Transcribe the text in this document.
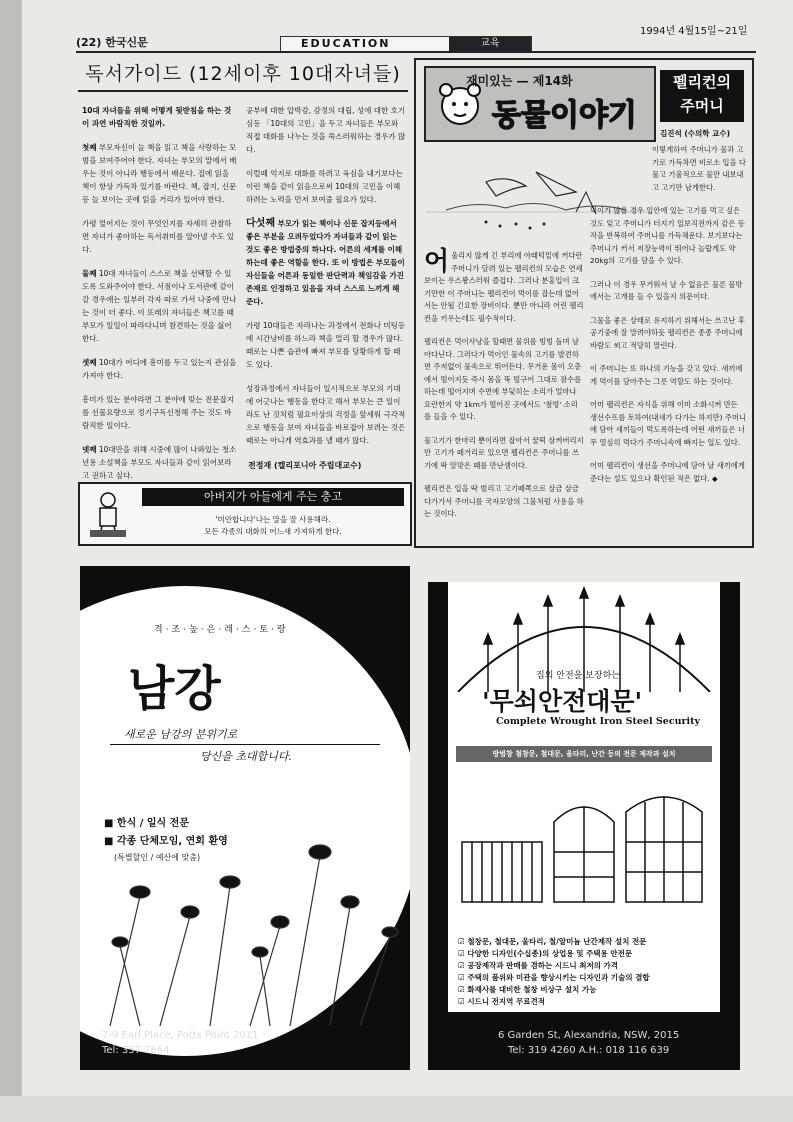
(22) 한국신문
1994년 4월15일~21일
EDUCATION	교육
독서가이드 (12세이후 10대자녀들)

10대 자녀들을 위해 어떻게 뒷받침을 하는 것이 과연 바람직한 것일까.

첫째 부모자신이 늘 책을 읽고 책을 사랑하는 모범을 보여주어야 한다. 자녀는 부모의 말에서 배우는 것이 아니라 행동에서 배운다. 집에 읽을 책이 항상 가득차 있기를 바란다. 책, 잡지, 신문등 늘 보이는 곳에 읽을 거리가 있어야 한다.

가령 엎어지는 것이 무엇인지를 자세히 관찰하면 자녀가 좋아하는 독서취미를 알아낼 수도 있다.

둘째 10대 자녀들이 스스로 책을 선택할 수 있도록 도와주어야 한다. 서점이나 도서관에 같이 갈 경우에는 일부러 각자 따로 가서 나중에 만나는 것이 더 좋다. 이 또래의 자녀들은 책고를 때 부모가 일일이 따라다니며 참견하는 것을 싫어한다.

셋째 10대가 어디에 흥미를 두고 있는지 관심을 가져야 한다.

흥미가 있는 분야라면 그 분야에 맞는 전문잡지를 선물요량으로 정기구독신청해 주는 것도 바람직한 일이다.

넷째 10대만을 위해 시중에 많이 나와있는 청소년용 소설책을 부모도 자녀들과 같이 읽어보라고 권하고 싶다.

공부에 대한 압박감, 감정의 대립, 성에 대한 호기심등 「10대의 고민」을 두고 자녀들은 부모와 직접 대화를 나누는 것을 쑥스러워하는 경우가 많다.

이럴때 억지로 대화를 하려고 육심을 내기보다는 이런 책을 같이 읽음으로써 10대의 고민을 이해하려는 노력을 먼저 보여줄 필요가 있다.

다섯째 부모가 읽는 책이나 신문 잡지등에서 좋은 부분을 오려두었다가 자녀들과 같이 읽는 것도 좋은 방법중의 하나다. 어른의 세계를 이해하는데 좋은 역할을 한다. 또 이 방법은 부모들이 자신들을 어른과 동일한 판단력과 책임감을 가진 존재로 인정하고 있음을 자녀 스스로 느끼게 해준다.

가령 10대들은 자라나는 과정에서 전화나 미팅등에 시간낭비를 하느라 책을 멀리 할 경우가 많다. 때로는 나쁜 습관에 빠져 부모를 당황하게 할 때도 있다.

성장과정에서 자녀들이 일시적으로 부모의 기대에 어긋나는 행동을 한다고 해서 부모는 큰 일이라도 난 것처럼 필요이상의 걱정을 앞세워 극각적으로 행동을 보여 자녀들을 바로잡아 보려는 것은 때로는 아니게 역효과를 낼 때가 많다.

전정재 (캘리포니아 주립대교수)
아버지가 아들에게 주는 충고
'미안합니다'나는 말을 잘 사용해라.
모든 각종의 대화의 어느새 가져하게 한다.
재미있는 — 제14화
동물이야기
펠리컨의
주머니
김진석 (수의학 교수)

어울리지 않게 긴 부리에 아래턱밑에 커다란 주머니가 달려 있는 펠리컨의 모습은 연세보이는 우스꽝스러워 즐겁다. 그러나 분홍입이 크기만한 이 주머니는 펠리컨이 먹이를 잡는데 없어서는 안될 긴요한 장비이다. 뿐만 아니라 어린 펠리컨을 키우는데도 필수적이다.

펠리컨은 먹이사냥을 할때면 물위를 빙빙 돌며 날아다닌다. 그러다가 먹이인 물속의 고기를 발견하면 주저없이 물속으로 뛰어든다. 무거운 몸이 오층에서 떨어지듯 즉시 몸을 뚝 떨구어 그대로 잠수를 하는데 떨어지며 수면에 부딪히는 소리가 얼마나 요란한지 약 1km가 떨어진 곳에서도 '첨벙' 소리를 들을 수 있다.

물고기가 한마리 뿐이라면 잡아서 꿀떡 삼켜버리지만 고기가 떼거리로 있으면 펠리컨은 주머니를 쓰기에 딱 알맞은 때를 만난셈이다.

펠리컨은 입을 딱 벌리고 고기떼쪽으로 살금 살금 다가가서 주머니를 국자모양의 그물처럼 사용을 하는 것이다.

이렇게하여 주머니가 물과 고기로 가득차면 비로소 입을 다물고 기울적으로 물만 내보내고 고기만 남게한다.

먹이가 많을 경우 입안에 있는 고기를 먹고 싶은 것도 잊고 주머니가 터지기 일보직전까지 같은 동작을 반복하여 주머니를 가득채운다. 보기보다는 주머니가 커서 저장능력이 뛰어나 놀랍게도 약 20kg의 고기를 담을 수 있다.

그러나 이 경우 무거워서 날 수 없음은 물론 물밖에서는 고개를 들 수 있을지 의문이다.

그물을 좋은 상태로 유지하기 위해서는 쓰고난 후 공기중에 잘 말려야하듯 펠리컨은 종종 주머니에 바람도 쐬고 적당히 말린다.

이 주머니는 또 하나의 기능을 갖고 있다. 새끼에게 먹이를 담아주는 그릇 역할도 하는 것이다.

어미 펠리컨은 자식을 위해 이미 소화시켜 만든 생선수프를 토하여(내새가 다가는 하지만) 주머니에 담아 새끼들이 먹도록하는데 어떤 새끼들은 너무 열심히 먹다가 주머니속에 빠지는 일도 있다.

어미 펠리컨이 생선을 주머니에 담아 날 새끼에게 준다는 설도 있으나 확인된 적은 없다. ◆

격·조·높·은·레·스·토·랑
남강
새로운 남강의 분위기로
당신을 초대합니다.
■ 한식 / 일식 전문
■ 각종 단체모임, 연회 환영
(특별할인 / 예산에 맞춤)
7-9 Earl Place, Potts Point 2011
Tel: 357 7664
집의 안전을 보장하는
'무쇠안전대문'
Complete Wrought Iron Steel Security
방범창 철창문, 철대문, 울타리, 난간 등의 전문 제작과 설치
☑ 철창문, 철대문, 울타리, 철/알미늄 난간제작 설치 전문
☑ 다양한 디자인(수십종)의 상업용 및 주택용 안전문
☑ 공장제작과 판매를 겸하는 시드니 최저의 가격
☑ 주택의 품위와 미관을 향상시키는 디자인과 기술의 결합
☑ 화재사를 대비한 철창 비상구 설치 가능
☑ 시드니 전지역 무료견적
6 Garden St, Alexandria, NSW, 2015
Tel: 319 4260 A.H.: 018 116 639
